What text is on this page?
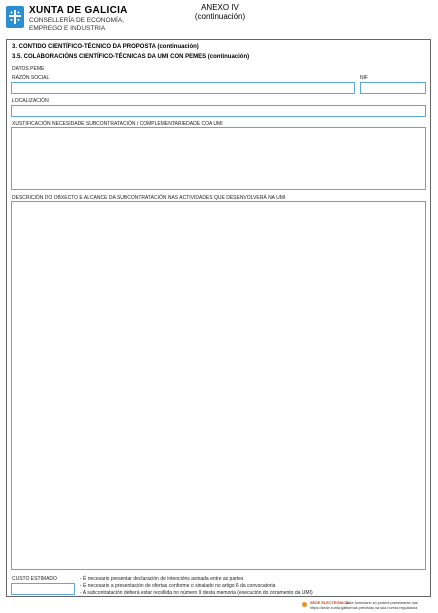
XUNTA DE GALICIA
CONSELLERÍA DE ECONOMÍA,
EMPREGO E INDUSTRIA
ANEXO IV
(continuación)
3. CONTIDO CIENTÍFICO-TÉCNICO DA PROPOSTA (continuación)
3.5. COLABORACIÓNS CIENTÍFICO-TÉCNICAS DA UMI CON PEMES (continuación)
DATOS PEME
RAZÓN SOCIAL	NIF
LOCALIZACIÓN
XUSTIFICACIÓN NECESIDADE SUBCONTRATACIÓN / COMPLEMENTARIEDADE COA UMI
DESCRICIÓN DO OBXECTO E ALCANCE DA SUBCONTRATACIÓN NAS ACTIVIDADES QUE DESENVOLVERÁ NA UMI
CUSTO ESTIMADO	- É necesario presentar declaración de intencións asinada entre as partes
- É necesario a presentación de ofertas conforme o sinalado no artigo 6 da convocatoria
- A subcontratación deberá estar recollida no número 9 desta memoria (execución do orzamento da UMI)
SEDE ELECTRÓNICA
Este formulario só poderá presentarse nas
https://sede.xunta.gal formas previstas na súa norma reguladora
